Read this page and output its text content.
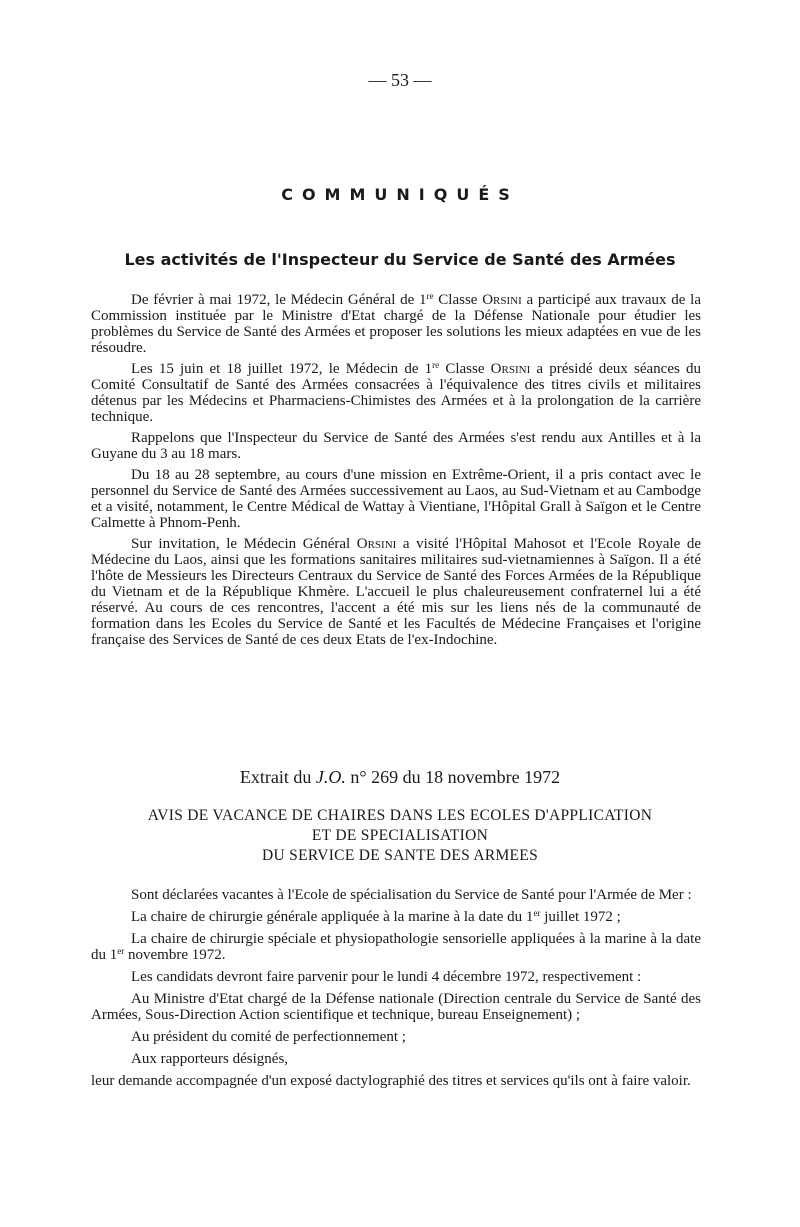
— 53 —
COMMUNIQUÉS
Les activités de l'Inspecteur du Service de Santé des Armées

De février à mai 1972, le Médecin Général de 1re Classe Orsini a participé aux travaux de la Commission instituée par le Ministre d'Etat chargé de la Défense Nationale pour étudier les problèmes du Service de Santé des Armées et proposer les solutions les mieux adaptées en vue de les résoudre.

Les 15 juin et 18 juillet 1972, le Médecin de 1re Classe Orsini a présidé deux séances du Comité Consultatif de Santé des Armées consacrées à l'équivalence des titres civils et militaires détenus par les Médecins et Pharmaciens-Chimistes des Armées et à la prolongation de la carrière technique.

Rappelons que l'Inspecteur du Service de Santé des Armées s'est rendu aux Antilles et à la Guyane du 3 au 18 mars.

Du 18 au 28 septembre, au cours d'une mission en Extrême-Orient, il a pris contact avec le personnel du Service de Santé des Armées successivement au Laos, au Sud-Vietnam et au Cambodge et a visité, notamment, le Centre Médical de Wattay à Vientiane, l'Hôpital Grall à Saïgon et le Centre Calmette à Phnom-Penh.

Sur invitation, le Médecin Général Orsini a visité l'Hôpital Mahosot et l'Ecole Royale de Médecine du Laos, ainsi que les formations sanitaires militaires sud-vietnamiennes à Saïgon. Il a été l'hôte de Messieurs les Directeurs Centraux du Service de Santé des Forces Armées de la République du Vietnam et de la République Khmère. L'accueil le plus chaleureusement confraternel lui a été réservé. Au cours de ces rencontres, l'accent a été mis sur les liens nés de la communauté de formation dans les Ecoles du Service de Santé et les Facultés de Médecine Françaises et l'origine française des Services de Santé de ces deux Etats de l'ex-Indochine.

Extrait du J.O. n° 269 du 18 novembre 1972
AVIS DE VACANCE DE CHAIRES DANS LES ECOLES D'APPLICATION
ET DE SPECIALISATION
DU SERVICE DE SANTE DES ARMEES

Sont déclarées vacantes à l'Ecole de spécialisation du Service de Santé pour l'Armée de Mer :

La chaire de chirurgie générale appliquée à la marine à la date du 1er juillet 1972 ;

La chaire de chirurgie spéciale et physiopathologie sensorielle appliquées à la marine à la date du 1er novembre 1972.

Les candidats devront faire parvenir pour le lundi 4 décembre 1972, respectivement :

Au Ministre d'Etat chargé de la Défense nationale (Direction centrale du Service de Santé des Armées, Sous-Direction Action scientifique et technique, bureau Enseignement) ;

Au président du comité de perfectionnement ;

Aux rapporteurs désignés,

leur demande accompagnée d'un exposé dactylographié des titres et services qu'ils ont à faire valoir.
